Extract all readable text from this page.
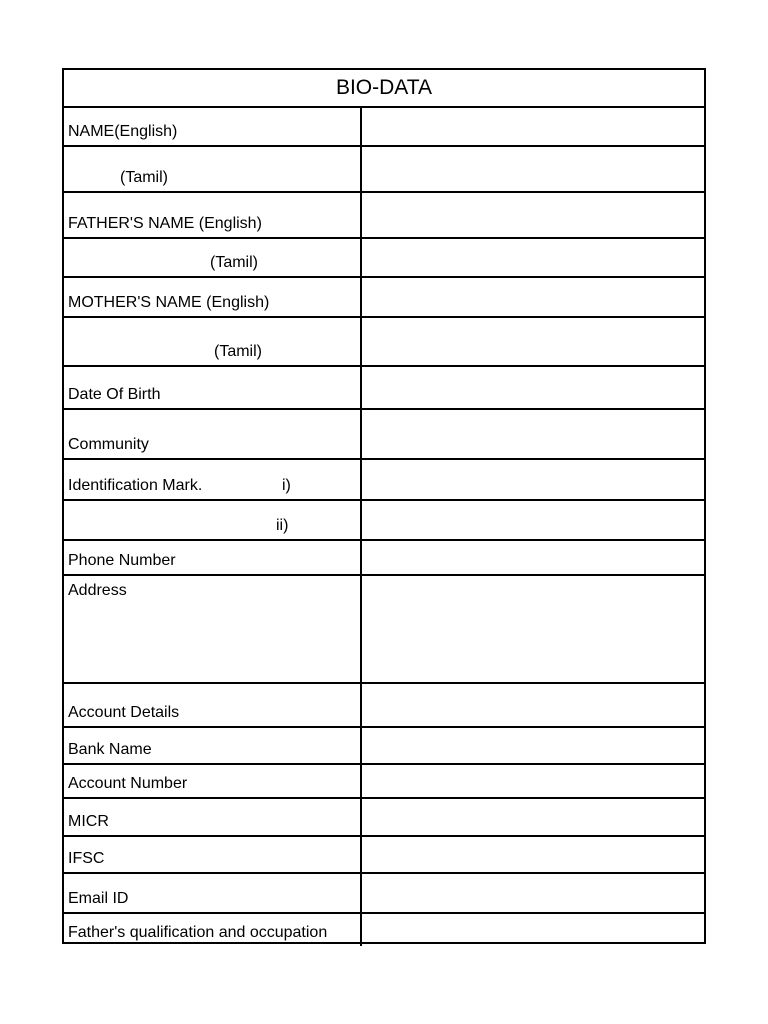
BIO-DATA
NAME(English)
(Tamil)
FATHER'S NAME (English)
(Tamil)
MOTHER'S NAME (English)
(Tamil)
Date Of Birth
Community
Identification Mark.	i)
ii)
Phone Number
Address
Account Details
Bank Name
Account Number
MICR
IFSC
Email ID
Father's qualification and occupation
